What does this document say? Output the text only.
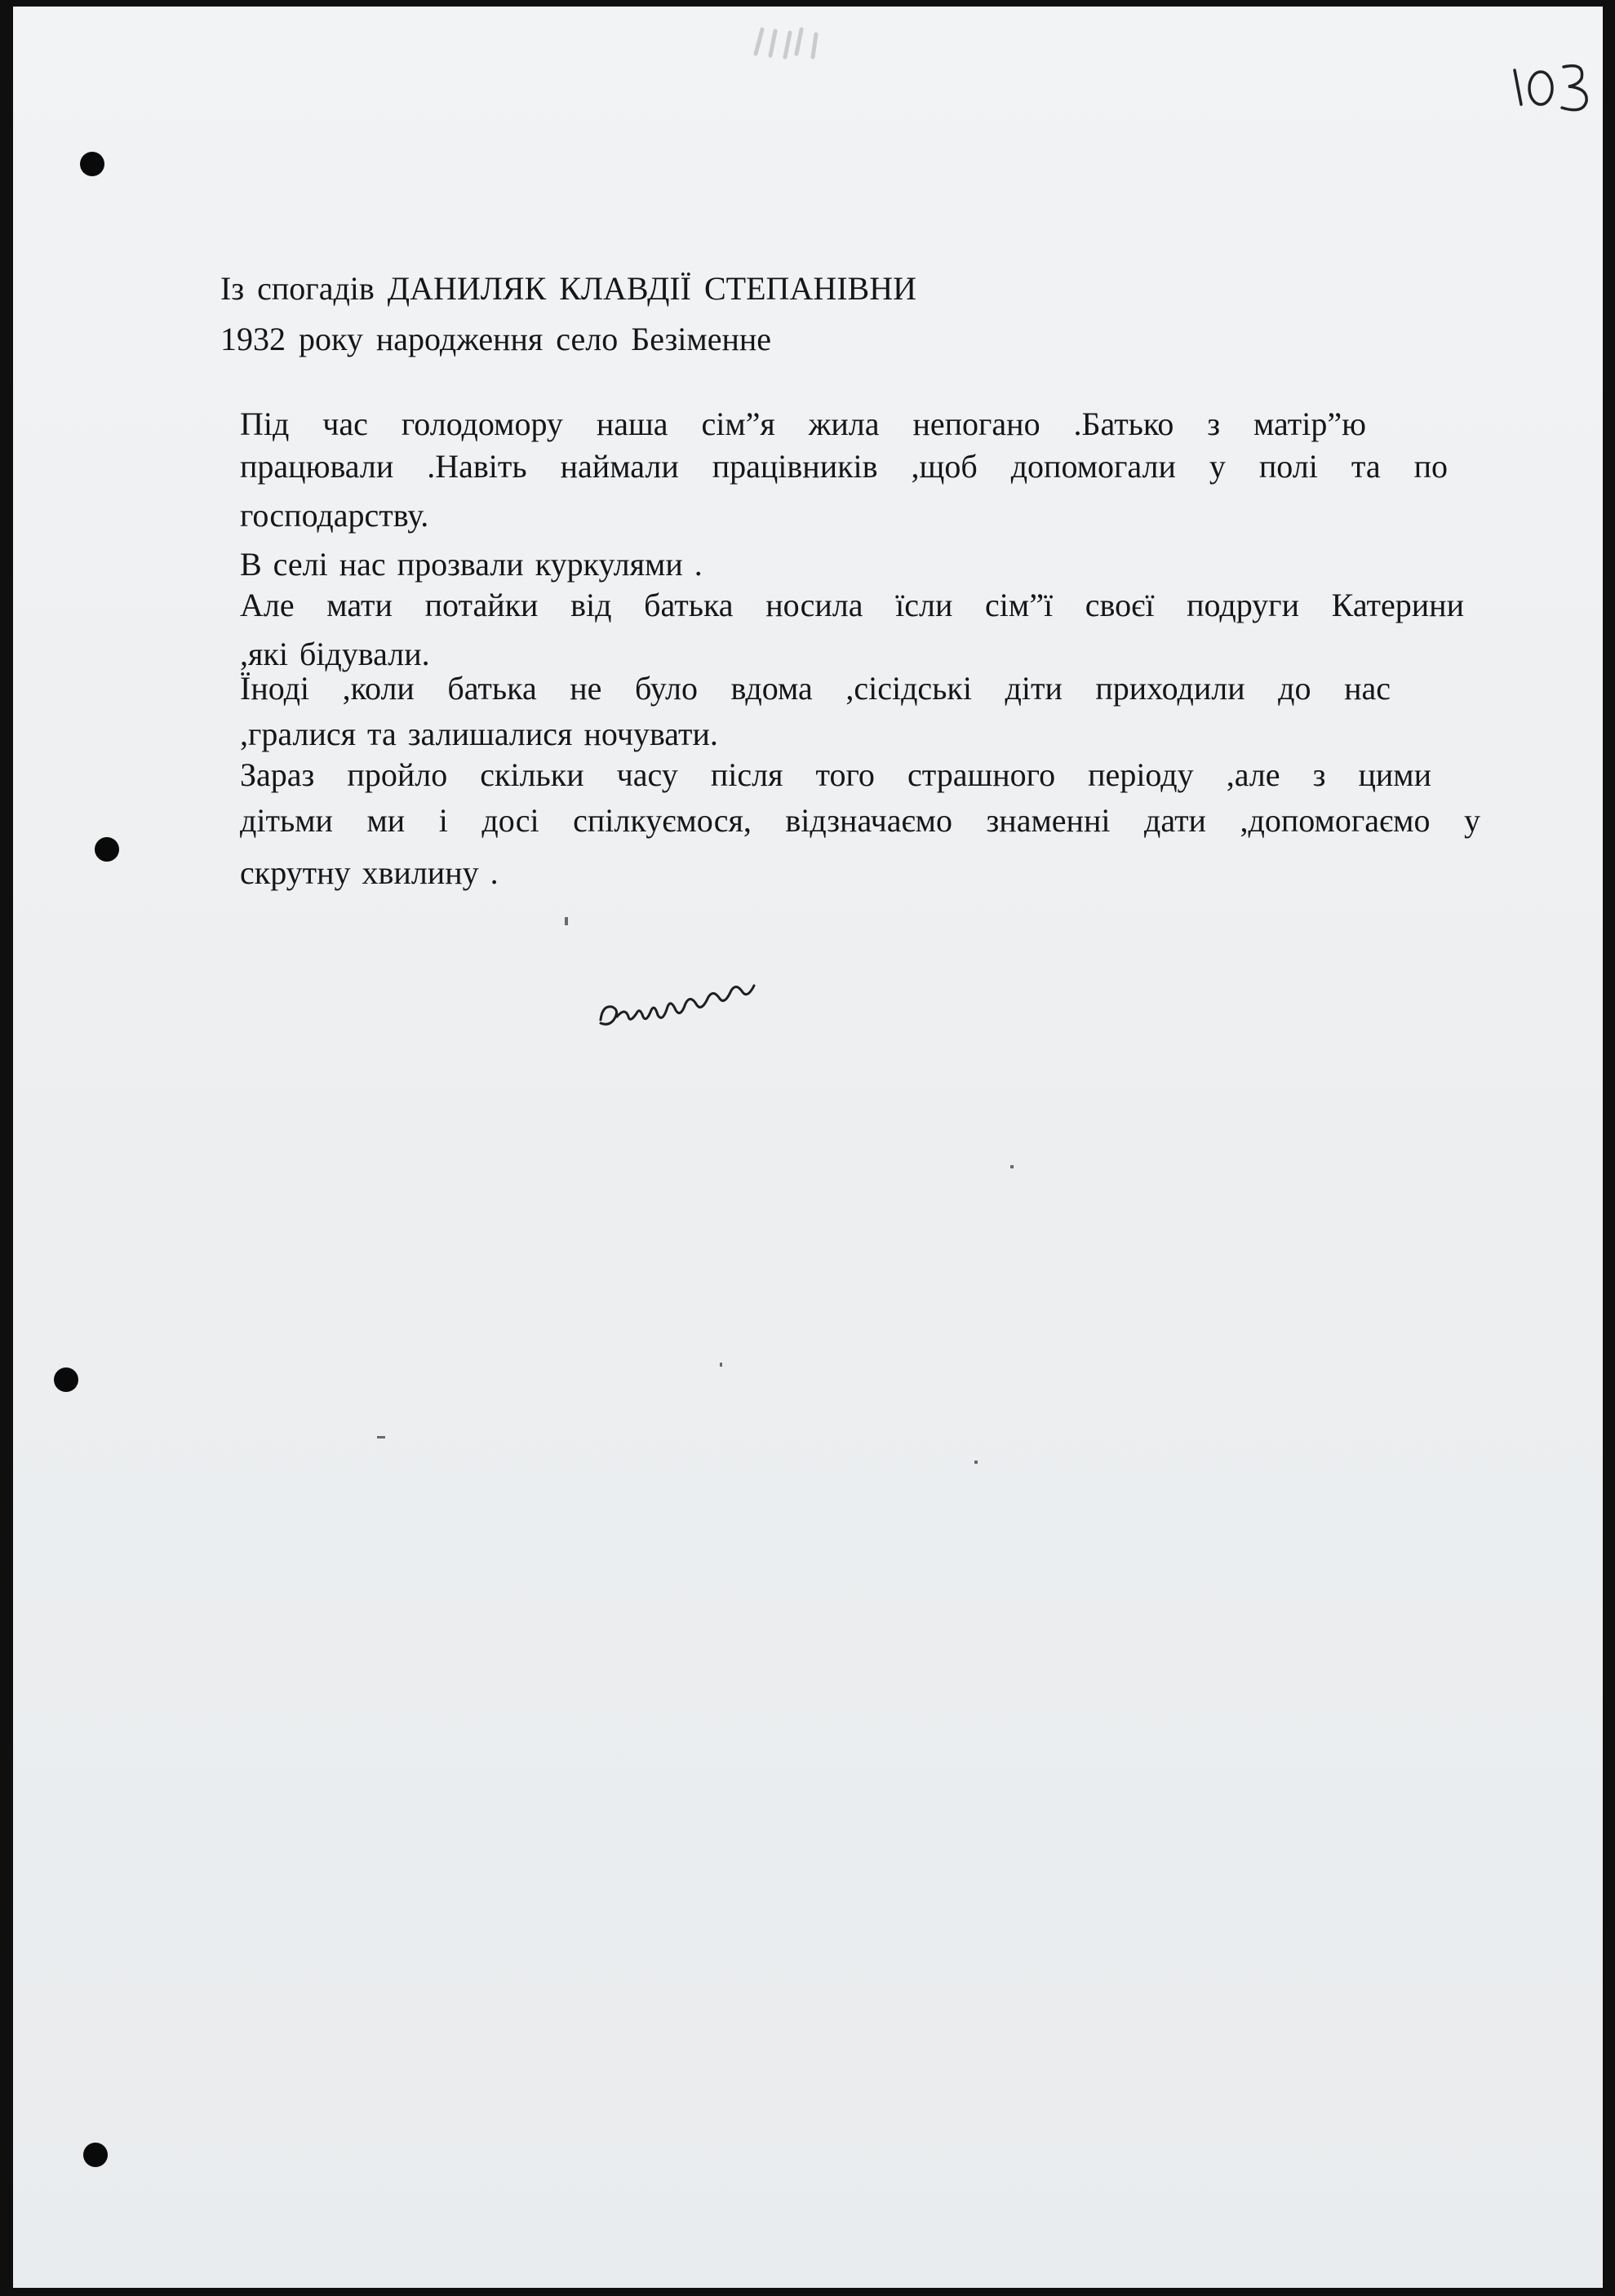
Із спогадів ДАНИЛЯК КЛАВДІЇ СТЕПАНІВНИ
1932 року народження село Безіменне
Під час голодомору наша сім”я жила непогано .Батько з матір”ю
працювали .Навіть наймали працівників ,щоб допомогали у полі та по
господарству.
В селі нас прозвали куркулями .
Але мати потайки від батька носила їсли сім”ї своєї подруги Катерини
,які бідували.
Їноді ,коли батька не було вдома ,сісідські діти приходили до нас
,гралися та залишалися ночувати.
Зараз пройло скільки часу після того страшного періоду ,але з цими
дітьми ми і досі спілкуємося, відзначаємо знаменні дати ,допомогаємо у
скрутну хвилину .
